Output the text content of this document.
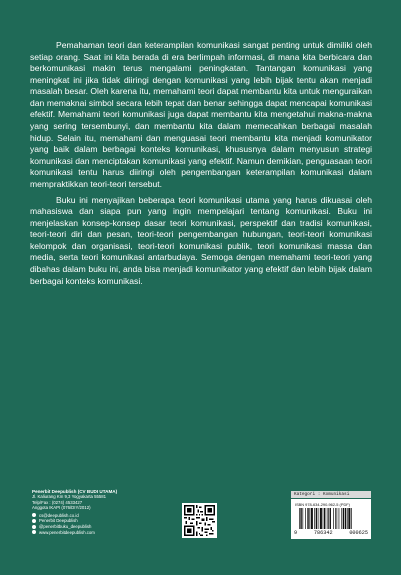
Pemahaman teori dan keterampilan komunikasi sangat penting untuk dimiliki oleh setiap orang. Saat ini kita berada di era berlimpah informasi, di mana kita berbicara dan berkomunikasi makin terus mengalami peningkatan. Tantangan komunikasi yang meningkat ini jika tidak diiringi dengan komunikasi yang lebih bijak tentu akan menjadi masalah besar. Oleh karena itu, memahami teori dapat membantu kita untuk menguraikan dan memaknai simbol secara lebih tepat dan benar sehingga dapat mencapai komunikasi efektif. Memahami teori komunikasi juga dapat membantu kita mengetahui makna-makna yang sering tersembunyi, dan membantu kita dalam memecahkan berbagai masalah hidup. Selain itu, memahami dan menguasai teori membantu kita menjadi komunikator yang baik dalam berbagai konteks komunikasi, khususnya dalam menyusun strategi komunikasi dan menciptakan komunikasi yang efektif. Namun demikian, penguasaan teori komunikasi tentu harus diiringi oleh pengembangan keterampilan komunikasi dalam mempraktikkan teori-teori tersebut.

Buku ini menyajikan beberapa teori komunikasi utama yang harus dikuasai oleh mahasiswa dan siapa pun yang ingin mempelajari tentang komunikasi. Buku ini menjelaskan konsep-konsep dasar teori komunikasi, perspektif dan tradisi komunikasi, teori-teori diri dan pesan, teori-teori pengembangan hubungan, teori-teori komunikasi kelompok dan organisasi, teori-teori komunikasi publik, teori komunikasi massa dan media, serta teori komunikasi antarbudaya. Semoga dengan memahami teori-teori yang dibahas dalam buku ini, anda bisa menjadi komunikator yang efektif dan lebih bijak dalam berbagai konteks komunikasi.

Penerbit Deepublish (CV BUDI UTAMA)
Jl. Kaliurang Km 9,3 Yogyakarta 55581
Telp/Fax : (0274) 4533427
Anggota IKAPI (076/DIY/2012)
cs@deepublish.co.id
Penerbit Deepublish
@penerbitbuku_deepublish
www.penerbitdeepublish.com
Kategori : Komunikasi
ISBN 978-634-290-962-5 (PDF)
9	786342	000625
